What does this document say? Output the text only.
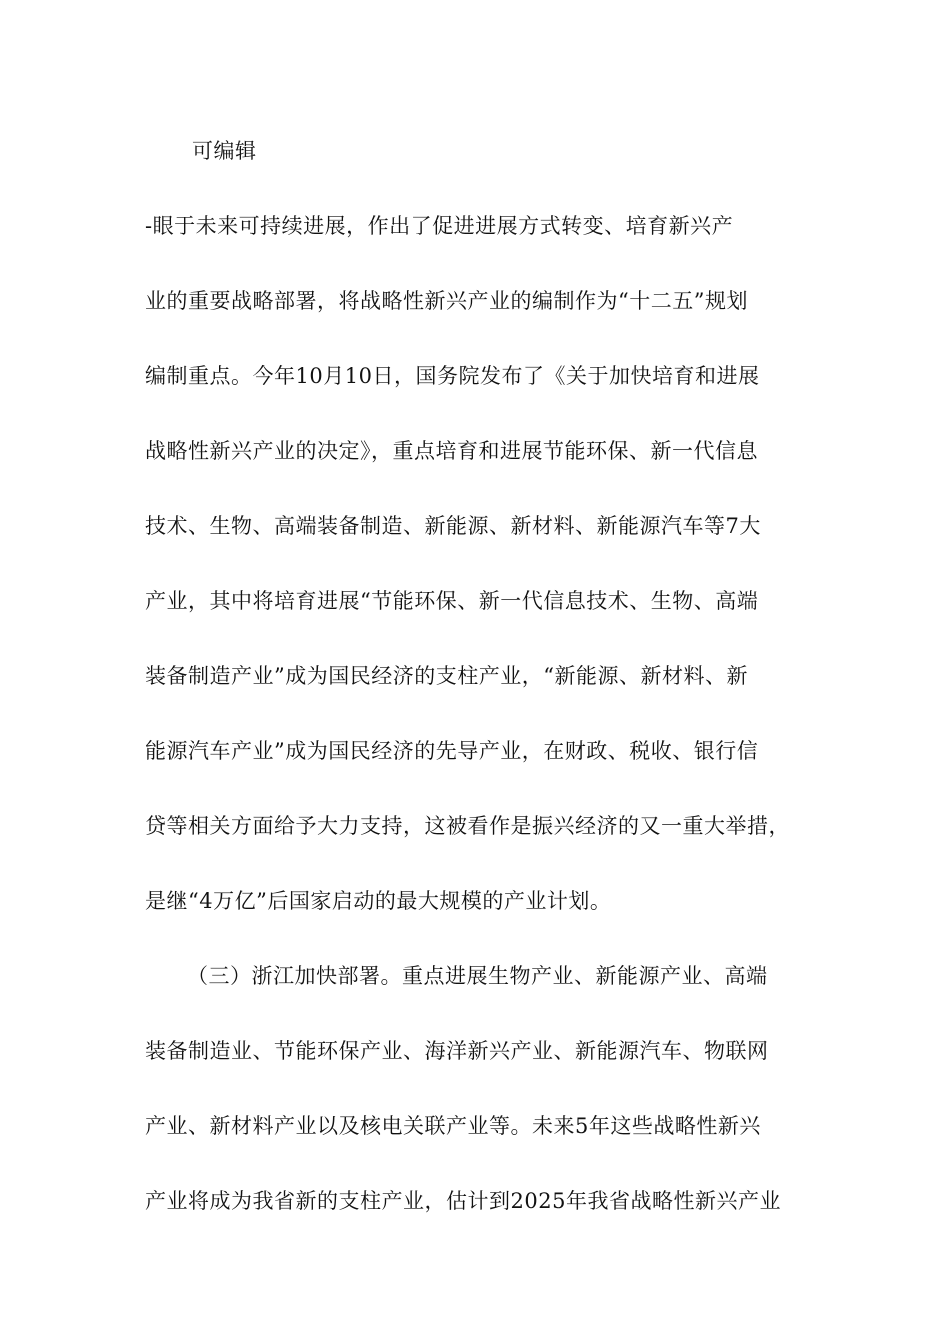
可编辑
-眼于未来可持续进展，作出了促进进展方式转变、培育新兴产
业的重要战略部署，将战略性新兴产业的编制作为“十二五”规划
编制重点。今年10月10日，国务院发布了《关于加快培育和进展
战略性新兴产业的决定》，重点培育和进展节能环保、新一代信息
技术、生物、高端装备制造、新能源、新材料、新能源汽车等7大
产业，其中将培育进展“节能环保、新一代信息技术、生物、高端
装备制造产业”成为国民经济的支柱产业，“新能源、新材料、新
能源汽车产业”成为国民经济的先导产业，在财政、税收、银行信
贷等相关方面给予大力支持，这被看作是振兴经济的又一重大举措，
是继“4万亿”后国家启动的最大规模的产业计划。
（三）浙江加快部署。重点进展生物产业、新能源产业、高端
装备制造业、节能环保产业、海洋新兴产业、新能源汽车、物联网
产业、新材料产业以及核电关联产业等。未来5年这些战略性新兴
产业将成为我省新的支柱产业，估计到2025年我省战略性新兴产业
